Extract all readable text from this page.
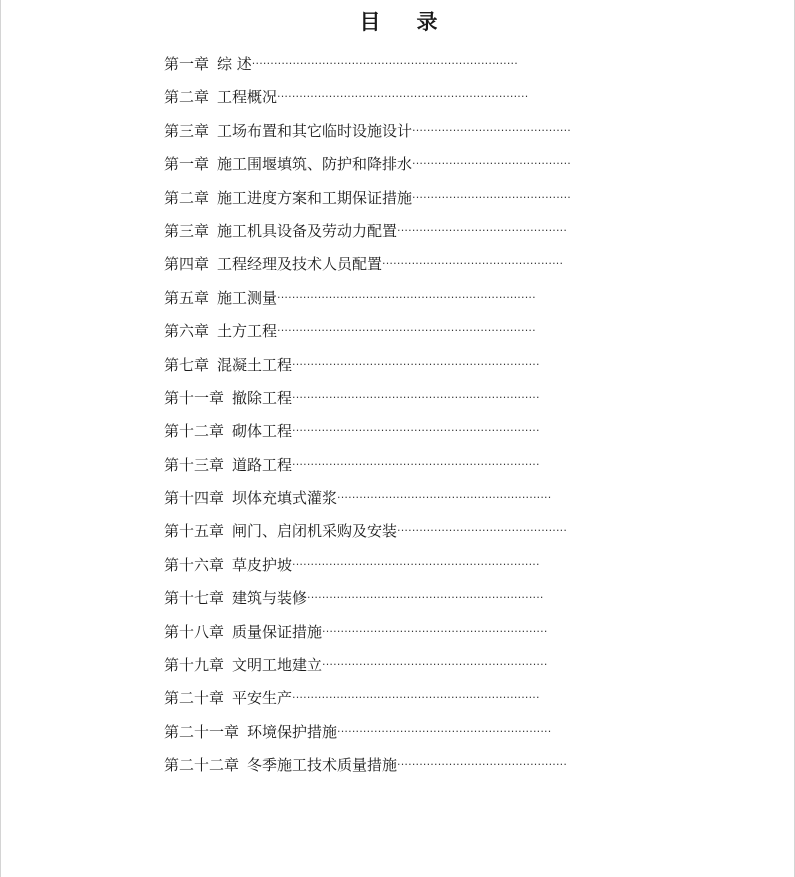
目 录
第一章 综 述 ········································································
第二章 工程概况 ····································································
第三章 工场布置和其它临时设施设计 ···········································
第一章 施工围堰填筑、防护和降排水 ···········································
第二章 施工进度方案和工期保证措施 ···········································
第三章 施工机具设备及劳动力配置 ··············································
第四章 工程经理及技术人员配置 ·················································
第五章 施工测量 ······································································
第六章 土方工程 ······································································
第七章 混凝土工程 ···································································
第十一章 撤除工程 ···································································
第十二章 砌体工程 ···································································
第十三章 道路工程 ···································································
第十四章 坝体充填式灌浆 ··························································
第十五章 闸门、启闭机采购及安装 ··············································
第十六章 草皮护坡 ···································································
第十七章 建筑与装修 ································································
第十八章 质量保证措施 ·····························································
第十九章 文明工地建立 ·····························································
第二十章 平安生产 ···································································
第二十一章 环境保护措施 ··························································
第二十二章 冬季施工技术质量措施 ··············································
